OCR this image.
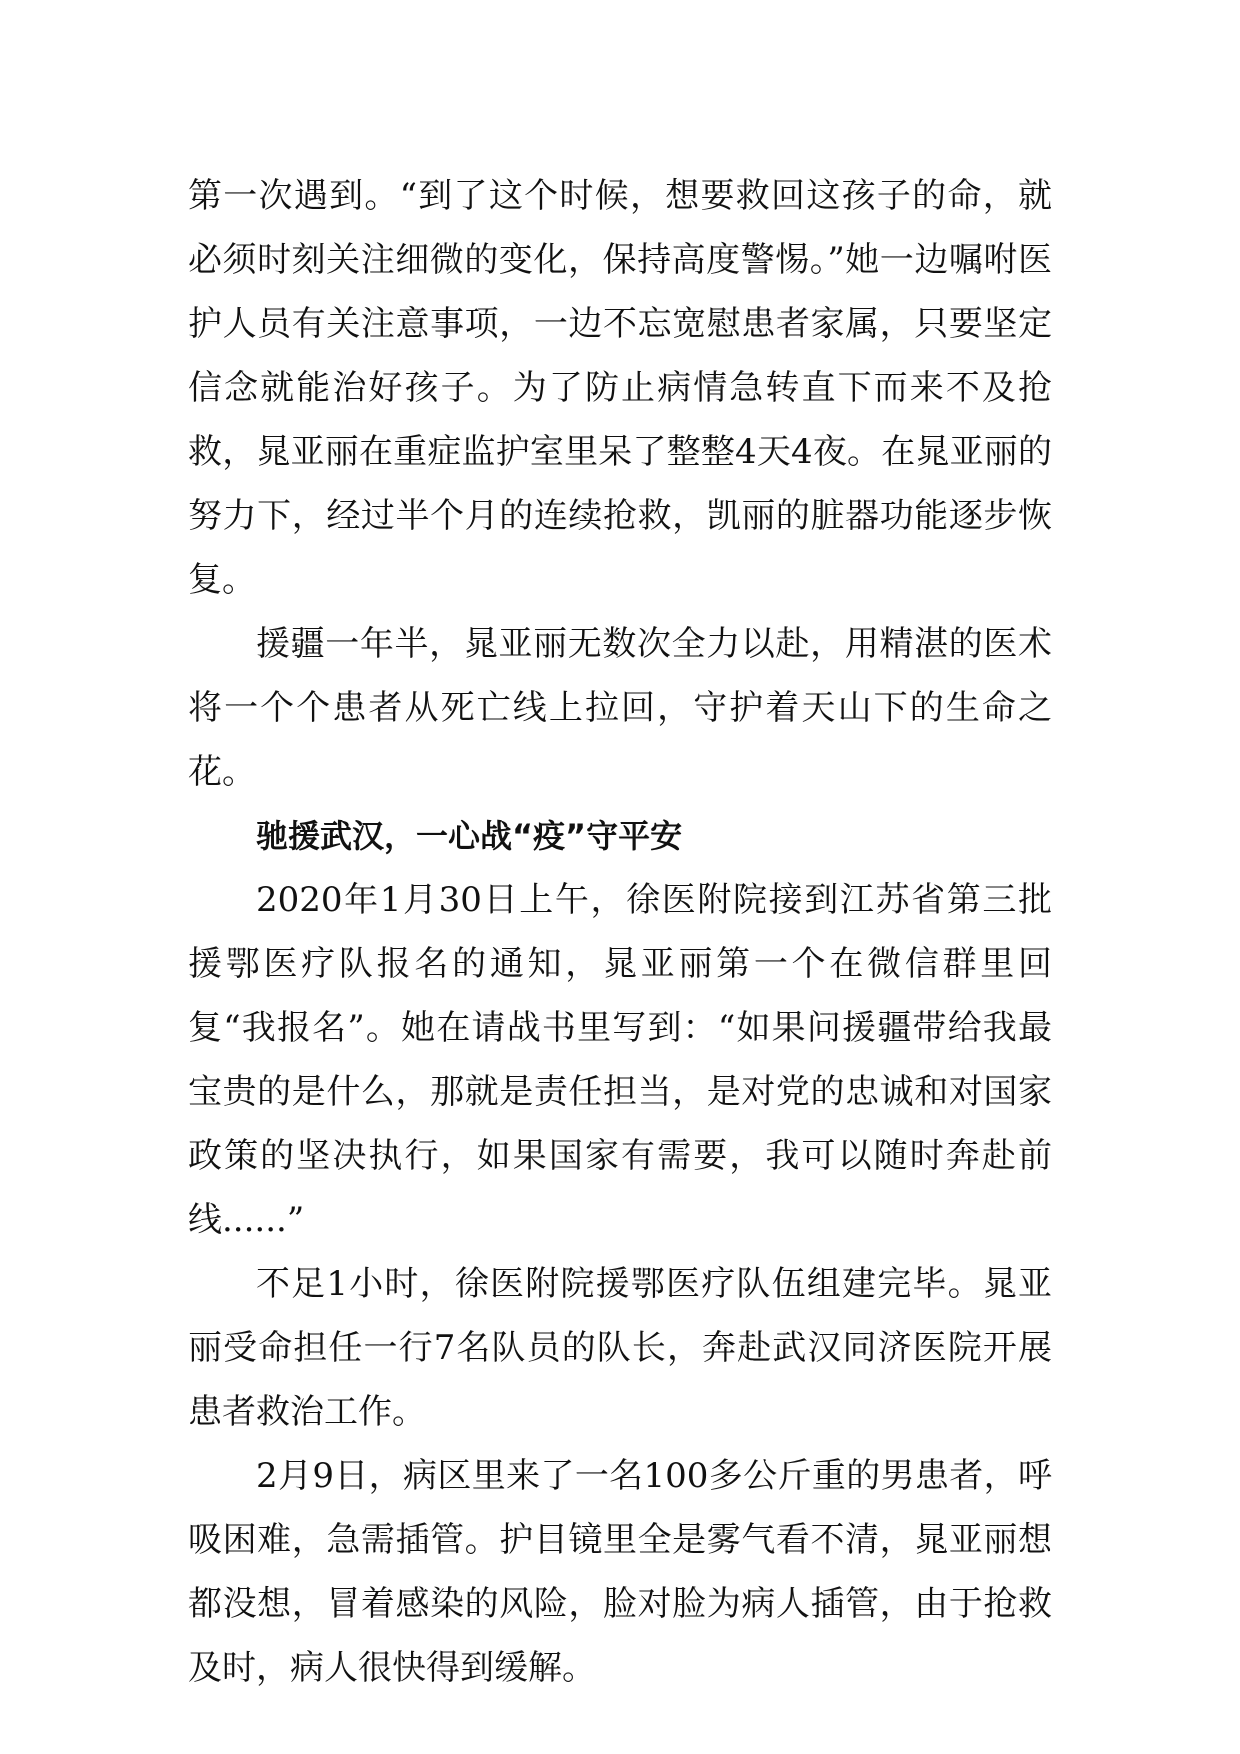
第一次遇到。“到了这个时候，想要救回这孩子的命，就必须时刻关注细微的变化，保持高度警惕。”她一边嘱咐医护人员有关注意事项，一边不忘宽慰患者家属，只要坚定信念就能治好孩子。为了防止病情急转直下而来不及抢救，晁亚丽在重症监护室里呆了整整4天4夜。在晁亚丽的努力下，经过半个月的连续抢救，凯丽的脏器功能逐步恢复。

援疆一年半，晁亚丽无数次全力以赴，用精湛的医术将一个个患者从死亡线上拉回，守护着天山下的生命之花。

驰援武汉，一心战“疫”守平安

2020年1月30日上午，徐医附院接到江苏省第三批援鄂医疗队报名的通知，晁亚丽第一个在微信群里回复“我报名”。她在请战书里写到：“如果问援疆带给我最宝贵的是什么，那就是责任担当，是对党的忠诚和对国家政策的坚决执行，如果国家有需要，我可以随时奔赴前线......”

不足1小时，徐医附院援鄂医疗队伍组建完毕。晁亚丽受命担任一行7名队员的队长，奔赴武汉同济医院开展患者救治工作。

2月9日，病区里来了一名100多公斤重的男患者，呼吸困难，急需插管。护目镜里全是雾气看不清，晁亚丽想都没想，冒着感染的风险，脸对脸为病人插管，由于抢救及时，病人很快得到缓解。
